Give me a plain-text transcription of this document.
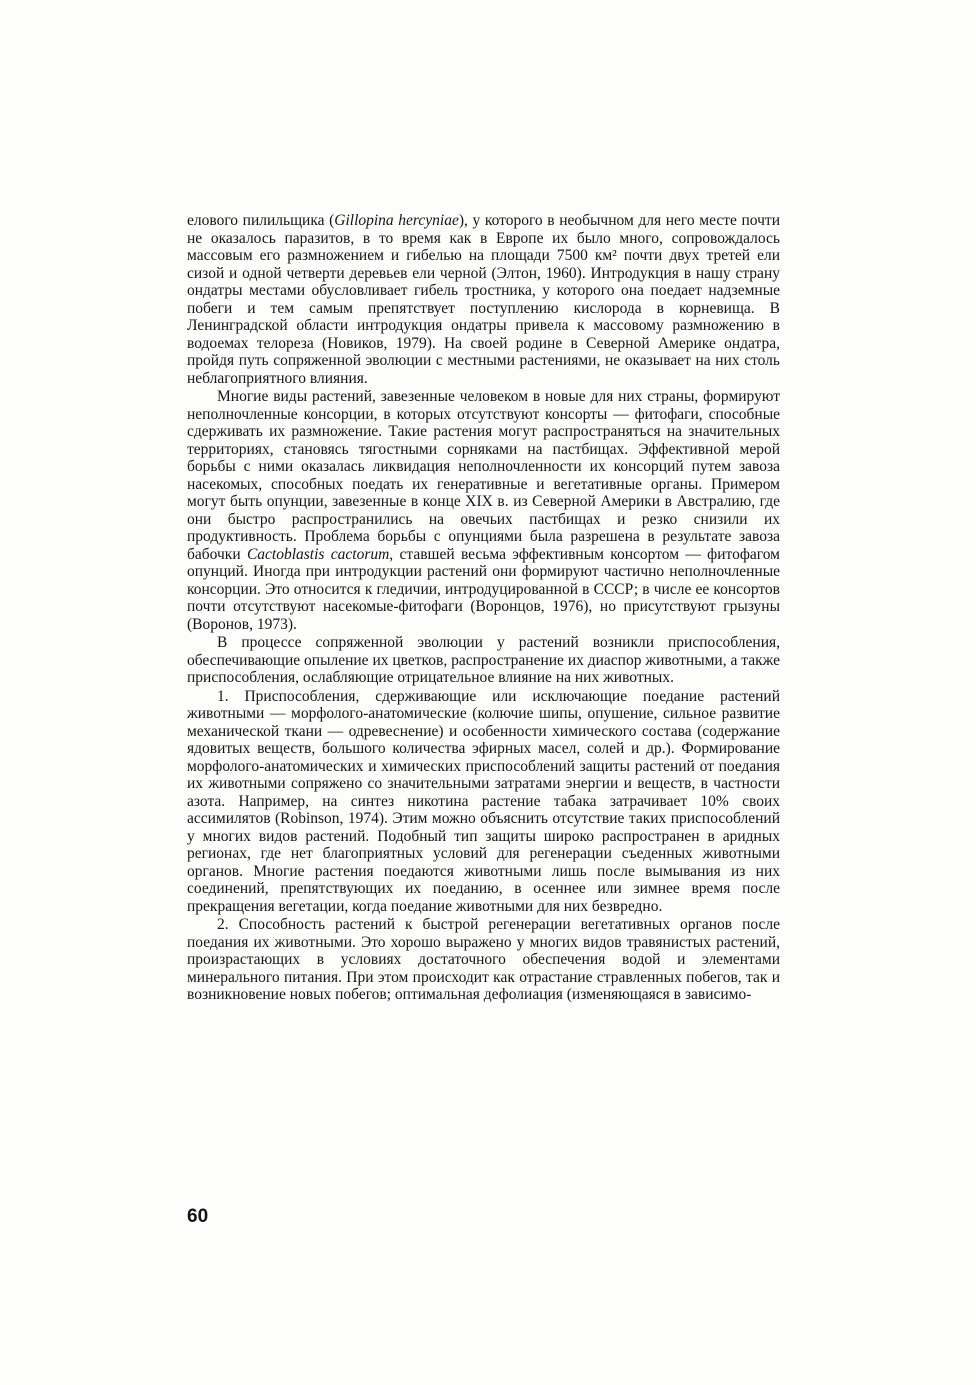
елового пилильщика (Gillopina hercyniae), у которого в необычном для него месте почти не оказалось паразитов, в то время как в Европе их было много, сопровождалось массовым его размножением и гибелью на площади 7500 км² почти двух третей ели сизой и одной четверти деревьев ели черной (Элтон, 1960). Интродукция в нашу страну ондатры местами обусловливает гибель тростника, у которого она поедает надземные побеги и тем самым препятствует поступлению кислорода в корневища. В Ленинградской области интродукция ондатры привела к массовому размножению в водоемах телореза (Новиков, 1979). На своей родине в Северной Америке ондатра, пройдя путь сопряженной эволюции с местными растениями, не оказывает на них столь неблагоприятного влияния.

Многие виды растений, завезенные человеком в новые для них страны, формируют неполночленные консорции, в которых отсутствуют консорты — фитофаги, способные сдерживать их размножение. Такие растения могут распространяться на значительных территориях, становясь тягостными сорняками на пастбищах. Эффективной мерой борьбы с ними оказалась ликвидация неполночленности их консорций путем завоза насекомых, способных поедать их генеративные и вегетативные органы. Примером могут быть опунции, завезенные в конце XIX в. из Северной Америки в Австралию, где они быстро распространились на овечьих пастбищах и резко снизили их продуктивность. Проблема борьбы с опунциями была разрешена в результате завоза бабочки Cactoblastis cactorum, ставшей весьма эффективным консортом — фитофагом опунций. Иногда при интродукции растений они формируют частично неполночленные консорции. Это относится к гледичии, интродуцированной в СССР; в числе ее консортов почти отсутствуют насекомые-фитофаги (Воронцов, 1976), но присутствуют грызуны (Воронов, 1973).

В процессе сопряженной эволюции у растений возникли приспособления, обеспечивающие опыление их цветков, распространение их диаспор животными, а также приспособления, ослабляющие отрицательное влияние на них животных.

1. Приспособления, сдерживающие или исключающие поедание растений животными — морфолого-анатомические (колючие шипы, опушение, сильное развитие механической ткани — одревеснение) и особенности химического состава (содержание ядовитых веществ, большого количества эфирных масел, солей и др.). Формирование морфолого-анатомических и химических приспособлений защиты растений от поедания их животными сопряжено со значительными затратами энергии и веществ, в частности азота. Например, на синтез никотина растение табака затрачивает 10% своих ассимилятов (Robinson, 1974). Этим можно объяснить отсутствие таких приспособлений у многих видов растений. Подобный тип защиты широко распространен в аридных регионах, где нет благоприятных условий для регенерации съеденных животными органов. Многие растения поедаются животными лишь после вымывания из них соединений, препятствующих их поеданию, в осеннее или зимнее время после прекращения вегетации, когда поедание животными для них безвредно.

2. Способность растений к быстрой регенерации вегетативных органов после поедания их животными. Это хорошо выражено у многих видов травянистых растений, произрастающих в условиях достаточного обеспечения водой и элементами минерального питания. При этом происходит как отрастание стравленных побегов, так и возникновение новых побегов; оптимальная дефолиация (изменяющаяся в зависимо-

60
